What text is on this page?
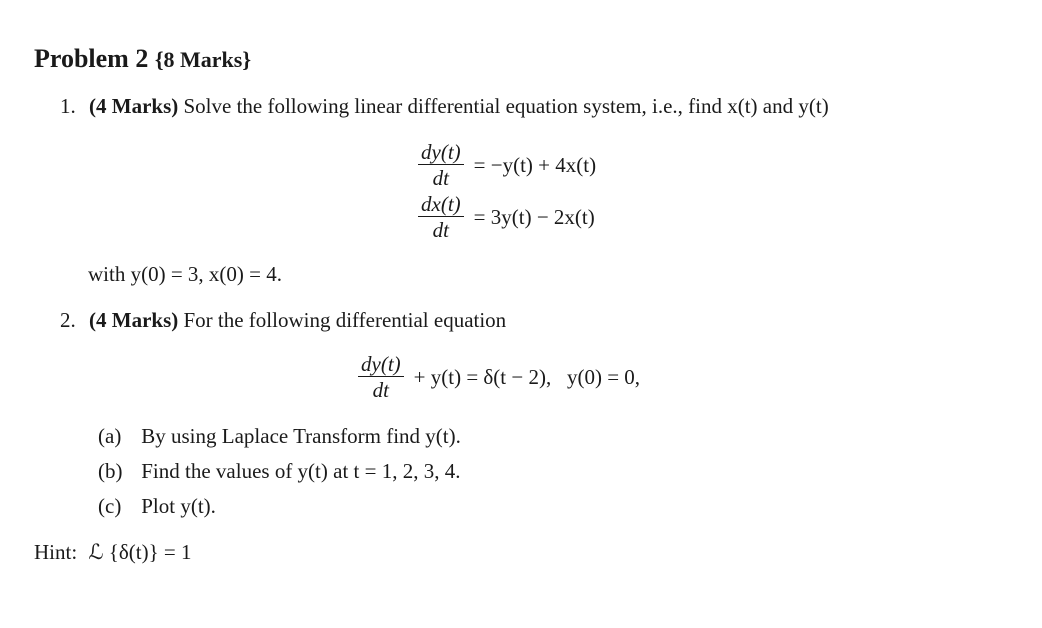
Problem 2 {8 Marks}
1. (4 Marks) Solve the following linear differential equation system, i.e., find x(t) and y(t)
$\frac{dy(t)}{dt} = -y(t) + 4x(t)$
$\frac{dx(t)}{dt} = 3y(t) - 2x(t)$
with y(0) = 3, x(0) = 4.
2. (4 Marks) For the following differential equation
$\frac{dy(t)}{dt} + y(t) = \delta(t - 2)$,   y(0) = 0,
(a) By using Laplace Transform find y(t).
(b) Find the values of y(t) at t = 1, 2, 3, 4.
(c) Plot y(t).
Hint: ℒ {δ(t)} = 1
